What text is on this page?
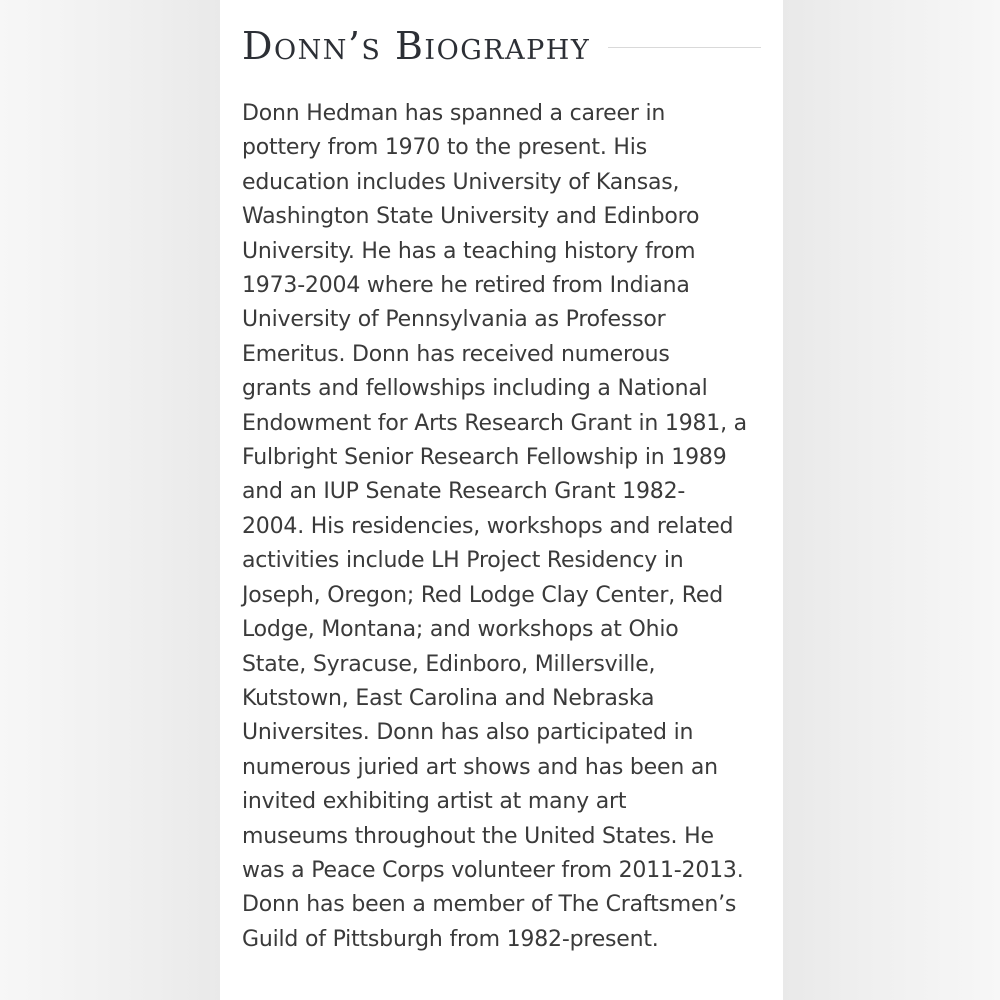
Donn’s Biography

Donn Hedman has spanned a career in
pottery from 1970 to the present. His
education includes University of Kansas,
Washington State University and Edinboro
University. He has a teaching history from
1973-2004 where he retired from Indiana
University of Pennsylvania as Professor
Emeritus. Donn has received numerous
grants and fellowships including a National
Endowment for Arts Research Grant in 1981, a
Fulbright Senior Research Fellowship in 1989
and an IUP Senate Research Grant 1982-
2004. His residencies, workshops and related
activities include LH Project Residency in
Joseph, Oregon; Red Lodge Clay Center, Red
Lodge, Montana; and workshops at Ohio
State, Syracuse, Edinboro, Millersville,
Kutstown, East Carolina and Nebraska
Universites. Donn has also participated in
numerous juried art shows and has been an
invited exhibiting artist at many art
museums throughout the United States. He
was a Peace Corps volunteer from 2011-2013.
Donn has been a member of The Craftsmen’s
Guild of Pittsburgh from 1982-present.
